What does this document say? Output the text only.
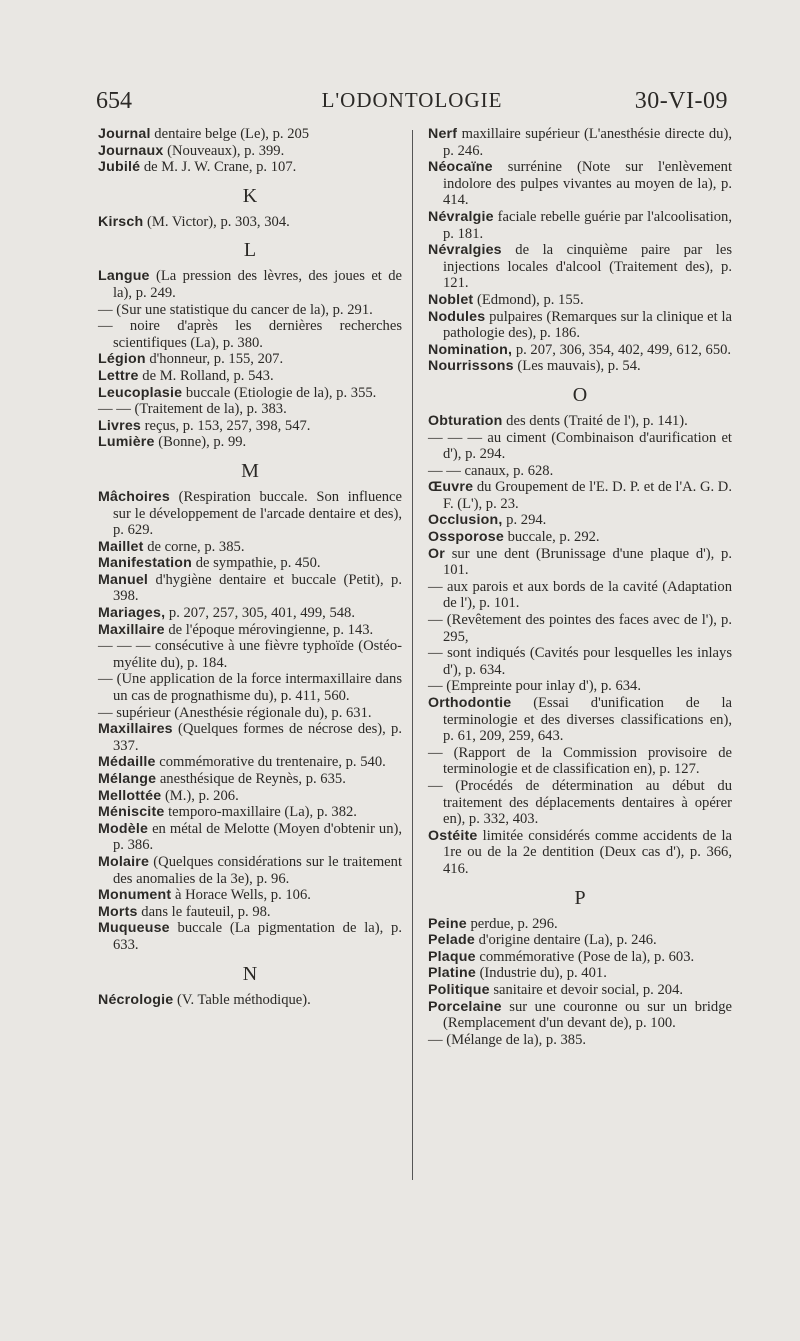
654	L'ODONTOLOGIE	30-VI-09

Journal dentaire belge (Le), p. 205

Journaux (Nouveaux), p. 399.

Jubilé de M. J. W. Crane, p. 107.

K

Kirsch (M. Victor), p. 303, 304.

L

Langue (La pression des lèvres, des joues et de la), p. 249.

— (Sur une statistique du cancer de la), p. 291.

— noire d'après les dernières recherches scientifiques (La), p. 380.

Légion d'honneur, p. 155, 207.

Lettre de M. Rolland, p. 543.

Leucoplasie buccale (Etiologie de la), p. 355.

— — (Traitement de la), p. 383.

Livres reçus, p. 153, 257, 398, 547.

Lumière (Bonne), p. 99.

M

Mâchoires (Respiration buccale. Son influence sur le développement de l'arcade dentaire et des), p. 629.

Maillet de corne, p. 385.

Manifestation de sympathie, p. 450.

Manuel d'hygiène dentaire et buccale (Petit), p. 398.

Mariages, p. 207, 257, 305, 401, 499, 548.

Maxillaire de l'époque mérovingienne, p. 143.

— — — consécutive à une fièvre typhoïde (Ostéo-myélite du), p. 184.

— (Une application de la force intermaxillaire dans un cas de prognathisme du), p. 411, 560.

— supérieur (Anesthésie régionale du), p. 631.

Maxillaires (Quelques formes de nécrose des), p. 337.

Médaille commémorative du trentenaire, p. 540.

Mélange anesthésique de Reynès, p. 635.

Mellottée (M.), p. 206.

Méniscite temporo-maxillaire (La), p. 382.

Modèle en métal de Melotte (Moyen d'obtenir un), p. 386.

Molaire (Quelques considérations sur le traitement des anomalies de la 3e), p. 96.

Monument à Horace Wells, p. 106.

Morts dans le fauteuil, p. 98.

Muqueuse buccale (La pigmentation de la), p. 633.

N

Nécrologie (V. Table méthodique).

Nerf maxillaire supérieur (L'anesthésie directe du), p. 246.

Néocaïne surrénine (Note sur l'enlèvement indolore des pulpes vivantes au moyen de la), p. 414.

Névralgie faciale rebelle guérie par l'alcoolisation, p. 181.

Névralgies de la cinquième paire par les injections locales d'alcool (Traitement des), p. 121.

Noblet (Edmond), p. 155.

Nodules pulpaires (Remarques sur la clinique et la pathologie des), p. 186.

Nomination, p. 207, 306, 354, 402, 499, 612, 650.

Nourrissons (Les mauvais), p. 54.

O

Obturation des dents (Traité de l'), p. 141).

— — — au ciment (Combinaison d'aurification et d'), p. 294.

— — canaux, p. 628.

Œuvre du Groupement de l'E. D. P. et de l'A. G. D. F. (L'), p. 23.

Occlusion, p. 294.

Ossporose buccale, p. 292.

Or sur une dent (Brunissage d'une plaque d'), p. 101.

— aux parois et aux bords de la cavité (Adaptation de l'), p. 101.

— (Revêtement des pointes des faces avec de l'), p. 295,

— sont indiqués (Cavités pour lesquelles les inlays d'), p. 634.

— (Empreinte pour inlay d'), p. 634.

Orthodontie (Essai d'unification de la terminologie et des diverses classifications en), p. 61, 209, 259, 643.

— (Rapport de la Commission provisoire de terminologie et de classification en), p. 127.

— (Procédés de détermination au début du traitement des déplacements dentaires à opérer en), p. 332, 403.

Ostéite limitée considérés comme accidents de la 1re ou de la 2e dentition (Deux cas d'), p. 366, 416.

P

Peine perdue, p. 296.

Pelade d'origine dentaire (La), p. 246.

Plaque commémorative (Pose de la), p. 603.

Platine (Industrie du), p. 401.

Politique sanitaire et devoir social, p. 204.

Porcelaine sur une couronne ou sur un bridge (Remplacement d'un devant de), p. 100.

— (Mélange de la), p. 385.
